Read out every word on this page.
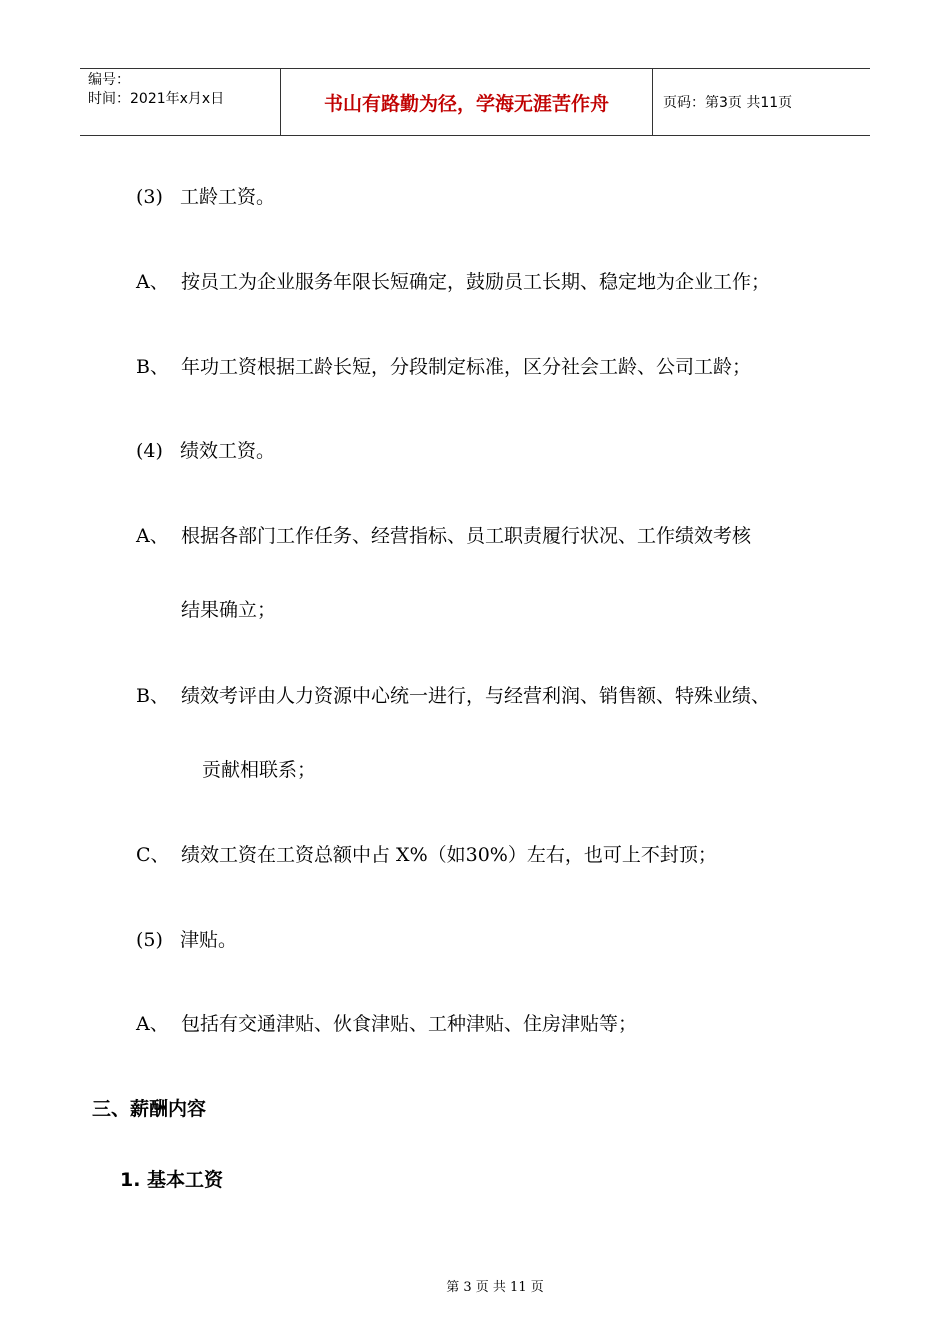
编号：
时间：2021年x月x日	书山有路勤为径，学海无涯苦作舟	页码：第3页 共11页
(3) 工龄工资。
A、 按员工为企业服务年限长短确定，鼓励员工长期、稳定地为企业工作；
B、 年功工资根据工龄长短，分段制定标准，区分社会工龄、公司工龄；
(4) 绩效工资。
A、 根据各部门工作任务、经营指标、员工职责履行状况、工作绩效考核
结果确立；
B、 绩效考评由人力资源中心统一进行，与经营利润、销售额、特殊业绩、
贡献相联系；
C、 绩效工资在工资总额中占 X%（如30%）左右，也可上不封顶；
(5) 津贴。
A、 包括有交通津贴、伙食津贴、工种津贴、住房津贴等；
三、薪酬内容
1. 基本工资
第 3 页 共 11 页
